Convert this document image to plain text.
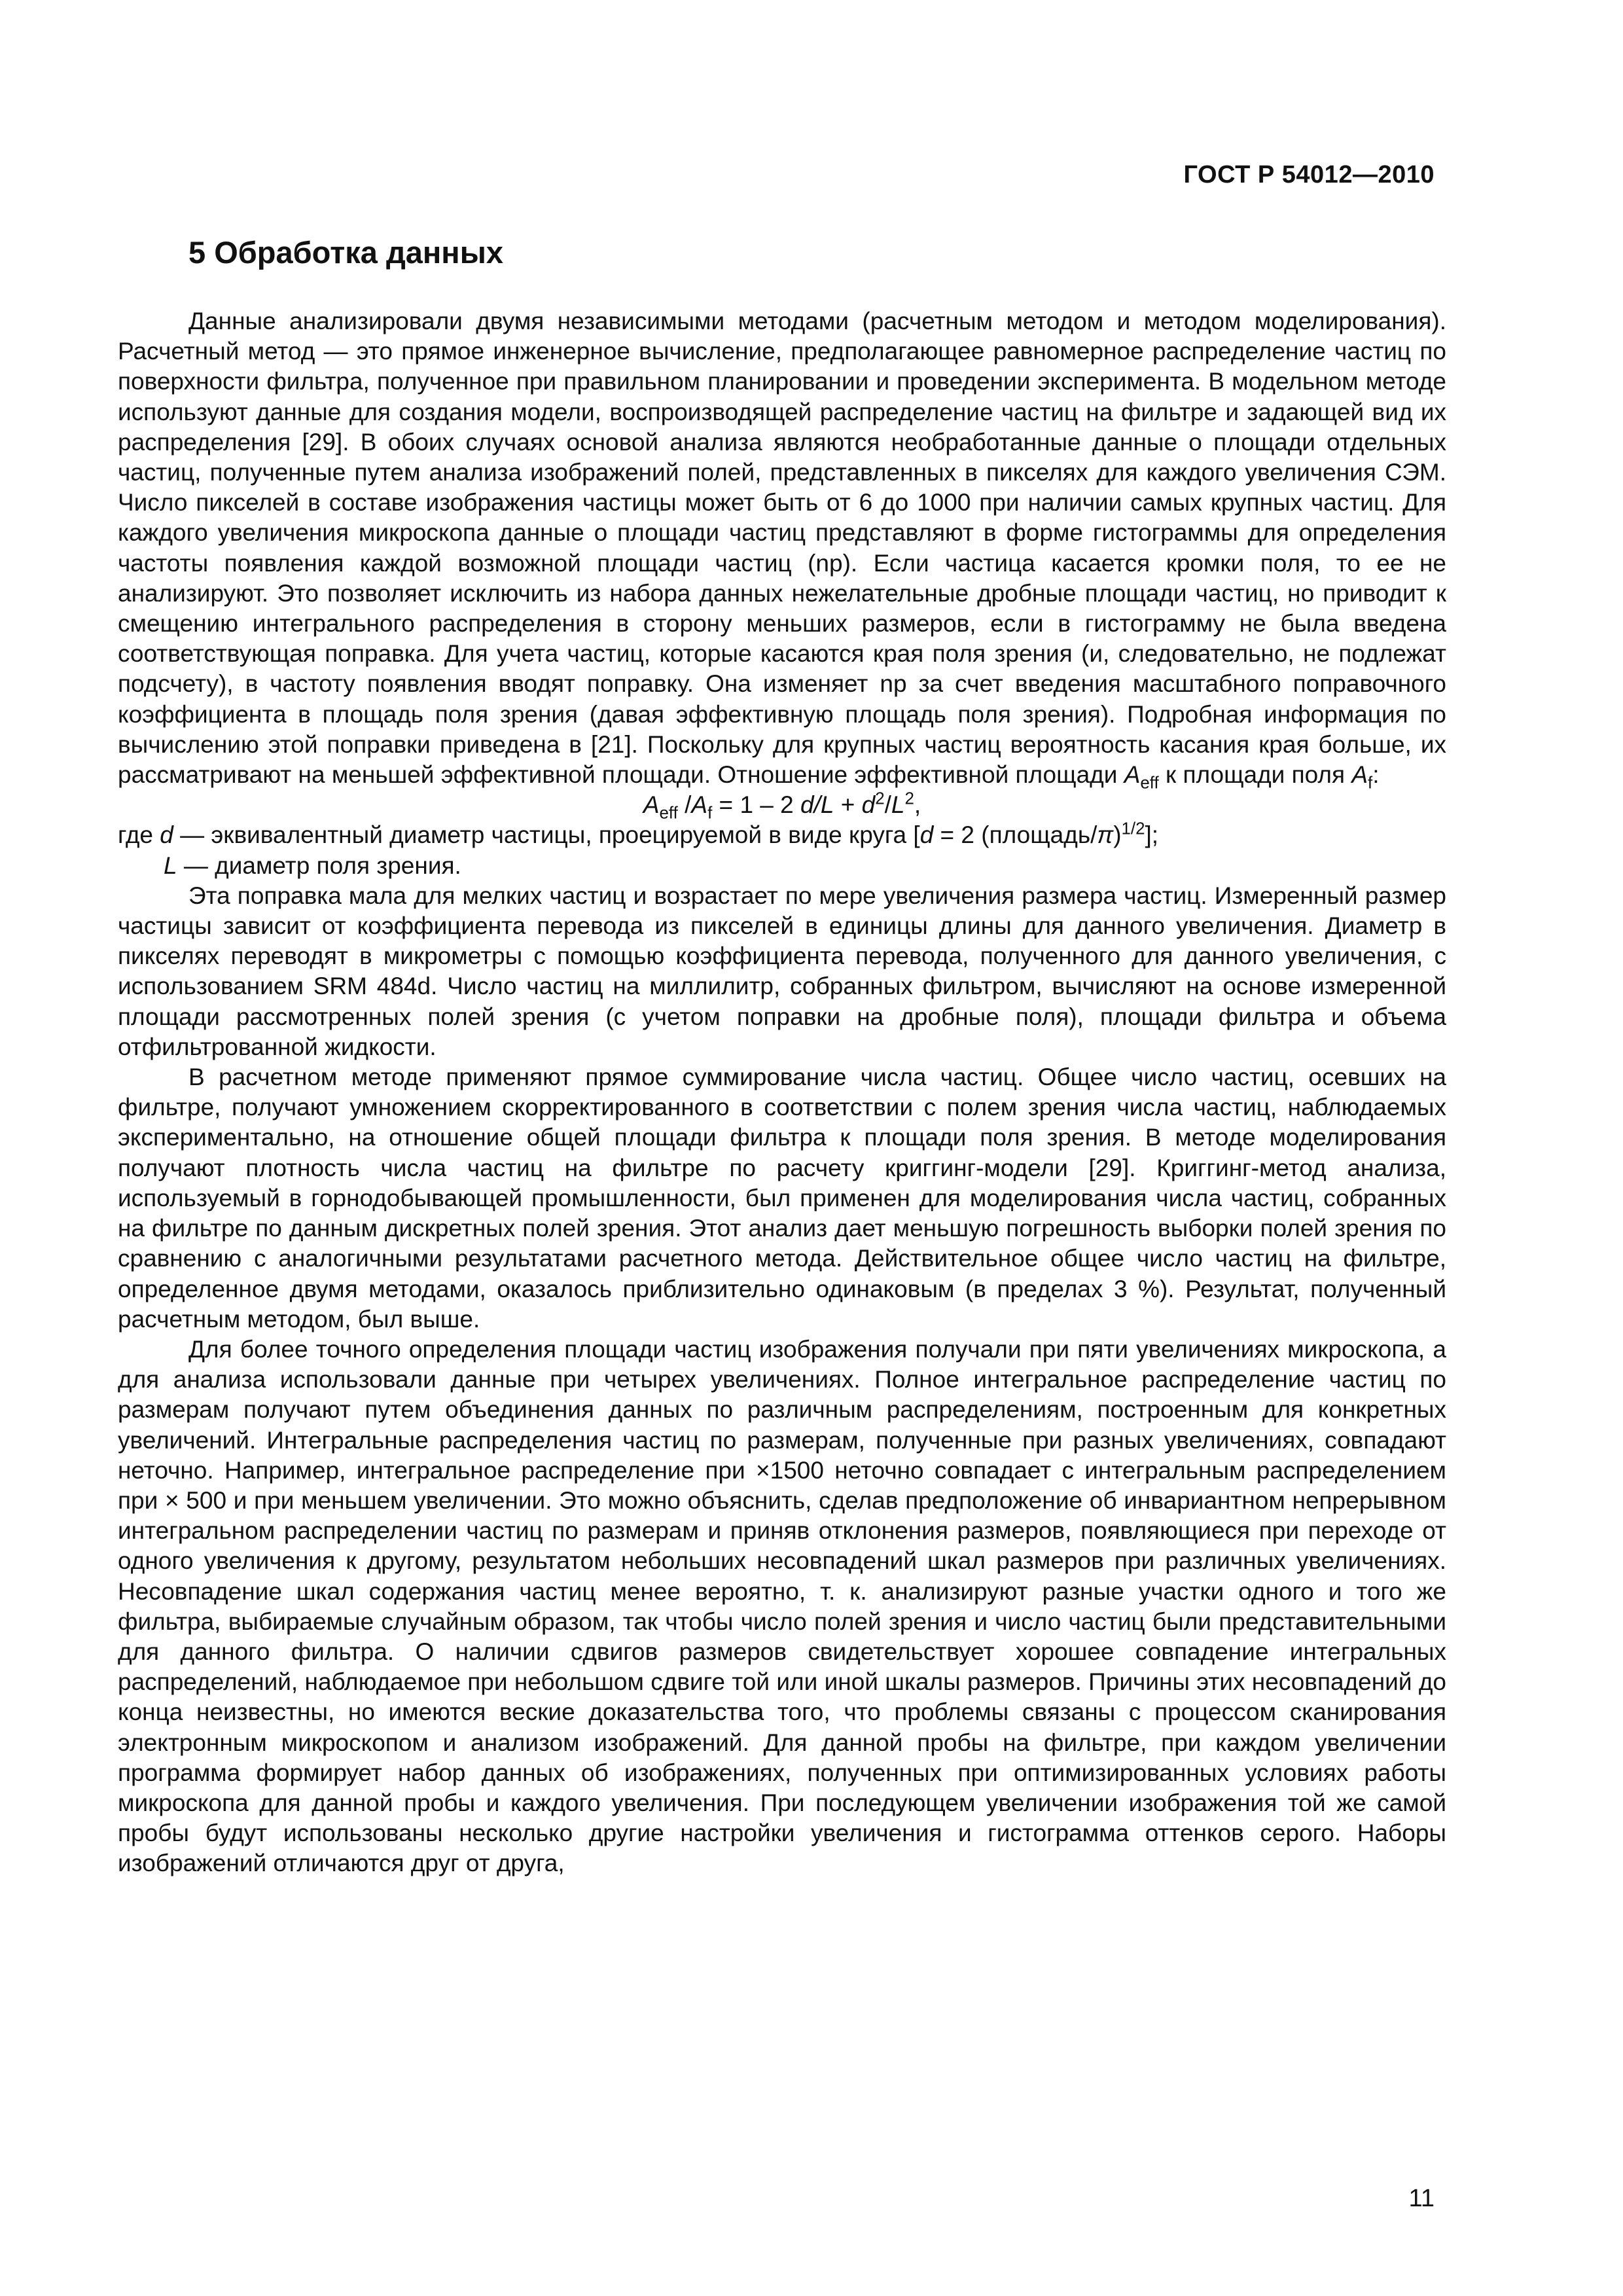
ГОСТ Р 54012—2010
5 Обработка данных

Данные анализировали двумя независимыми методами (расчетным методом и методом моделирования). Расчетный метод — это прямое инженерное вычисление, предполагающее равномерное распределение частиц по поверхности фильтра, полученное при правильном планировании и проведении эксперимента. В модельном методе используют данные для создания модели, воспроизводящей распределение частиц на фильтре и задающей вид их распределения [29]. В обоих случаях основой анализа являются необработанные данные о площади отдельных частиц, полученные путем анализа изображений полей, представленных в пикселях для каждого увеличения СЭМ. Число пикселей в составе изображения частицы может быть от 6 до 1000 при наличии самых крупных частиц. Для каждого увеличения микроскопа данные о площади частиц представляют в форме гистограммы для определения частоты появления каждой возможной площади частиц (np). Если частица касается кромки поля, то ее не анализируют. Это позволяет исключить из набора данных нежелательные дробные площади частиц, но приводит к смещению интегрального распределения в сторону меньших размеров, если в гистограмму не была введена соответствующая поправка. Для учета частиц, которые касаются края поля зрения (и, следовательно, не подлежат подсчету), в частоту появления вводят поправку. Она изменяет np за счет введения масштабного поправочного коэффициента в площадь поля зрения (давая эффективную площадь поля зрения). Подробная информация по вычислению этой поправки приведена в [21]. Поскольку для крупных частиц вероятность касания края больше, их рассматривают на меньшей эффективной площади. Отношение эффективной площади $A_{eff}$ к площади поля $A_f$:

$A_{eff}$ $/A_f = 1 - 2$ $d/L + d^2/L^2$,

где d — эквивалентный диаметр частицы, проецируемой в виде круга [d = 2 (площадь/π)$^{1/2}$];

L — диаметр поля зрения.

Эта поправка мала для мелких частиц и возрастает по мере увеличения размера частиц. Измеренный размер частицы зависит от коэффициента перевода из пикселей в единицы длины для данного увеличения. Диаметр в пикселях переводят в микрометры с помощью коэффициента перевода, полученного для данного увеличения, с использованием SRM 484d. Число частиц на миллилитр, собранных фильтром, вычисляют на основе измеренной площади рассмотренных полей зрения (с учетом поправки на дробные поля), площади фильтра и объема отфильтрованной жидкости.

В расчетном методе применяют прямое суммирование числа частиц. Общее число частиц, осевших на фильтре, получают умножением скорректированного в соответствии с полем зрения числа частиц, наблюдаемых экспериментально, на отношение общей площади фильтра к площади поля зрения. В методе моделирования получают плотность числа частиц на фильтре по расчету криггинг-модели [29]. Криггинг-метод анализа, используемый в горнодобывающей промышленности, был применен для моделирования числа частиц, собранных на фильтре по данным дискретных полей зрения. Этот анализ дает меньшую погрешность выборки полей зрения по сравнению с аналогичными результатами расчетного метода. Действительное общее число частиц на фильтре, определенное двумя методами, оказалось приблизительно одинаковым (в пределах 3 %). Результат, полученный расчетным методом, был выше.

Для более точного определения площади частиц изображения получали при пяти увеличениях микроскопа, а для анализа использовали данные при четырех увеличениях. Полное интегральное распределение частиц по размерам получают путем объединения данных по различным распределениям, построенным для конкретных увеличений. Интегральные распределения частиц по размерам, полученные при разных увеличениях, совпадают неточно. Например, интегральное распределение при ×1500 неточно совпадает с интегральным распределением при × 500 и при меньшем увеличении. Это можно объяснить, сделав предположение об инвариантном непрерывном интегральном распределении частиц по размерам и приняв отклонения размеров, появляющиеся при переходе от одного увеличения к другому, результатом небольших несовпадений шкал размеров при различных увеличениях. Несовпадение шкал содержания частиц менее вероятно, т. к. анализируют разные участки одного и того же фильтра, выбираемые случайным образом, так чтобы число полей зрения и число частиц были представительными для данного фильтра. О наличии сдвигов размеров свидетельствует хорошее совпадение интегральных распределений, наблюдаемое при небольшом сдвиге той или иной шкалы размеров. Причины этих несовпадений до конца неизвестны, но имеются веские доказательства того, что проблемы связаны с процессом сканирования электронным микроскопом и анализом изображений. Для данной пробы на фильтре, при каждом увеличении программа формирует набор данных об изображениях, полученных при оптимизированных условиях работы микроскопа для данной пробы и каждого увеличения. При последующем увеличении изображения той же самой пробы будут использованы несколько другие настройки увеличения и гистограмма оттенков серого. Наборы изображений отличаются друг от друга,

11
